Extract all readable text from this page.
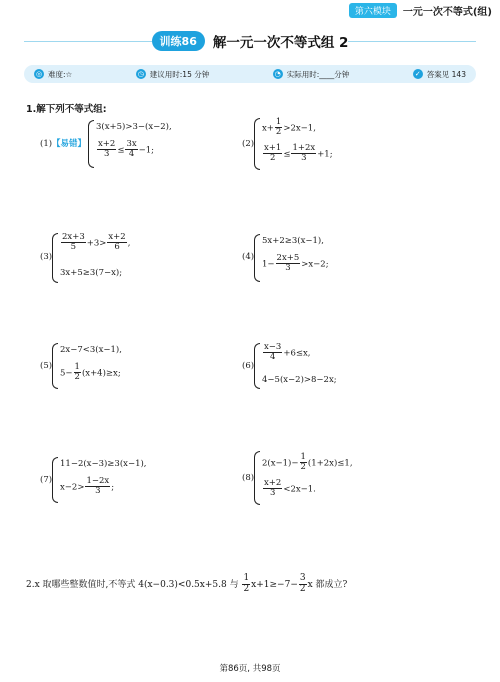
第六模块	一元一次不等式(组)
训练86	解一元一次不等式组 2
◎ 难度:☆	◷ 建议用时:15 分钟	◔ 实际用时:____分钟	✓ 答案见 143
1.解下列不等式组:
(1)【易错】
3(x+5)>3−(x−2),
$\frac{x+2}{3} \le \frac{3x}{4} -1$;
(2)
$x+ \frac{1}{2} >2x-1$,
$\frac{x+1}{2} \le \frac{1+2x}{3} +1$;
(3)
$\frac{2x+3}{5} +3> \frac{x+2}{6}$ ,
3x+5≥3(7−x);
(4)
5x+2≥3(x−1),
$1- \frac{2x+5}{3} >x-2$;
(5)
2x−7<3(x−1),
$5- \frac{1}{2} (x+4)\ge x$;
(6)
$\frac{x-3}{4} +6\le x$,
4−5(x−2)>8−2x;
(7)
11−2(x−3)≥3(x−1),
$x-2> \frac{1-2x}{3}$ ;
(8)
$2(x-1)- \frac{1}{2} (1+2x)\le 1$,
$\frac{x+2}{3} <2x-1$.
2.x 取哪些整数值时,不等式 4(x−0.3)<0.5x+5.8 与 $\frac{1}{2} x+1\ge-7- \frac{3}{2}$ x 都成立?
第86页, 共98页
